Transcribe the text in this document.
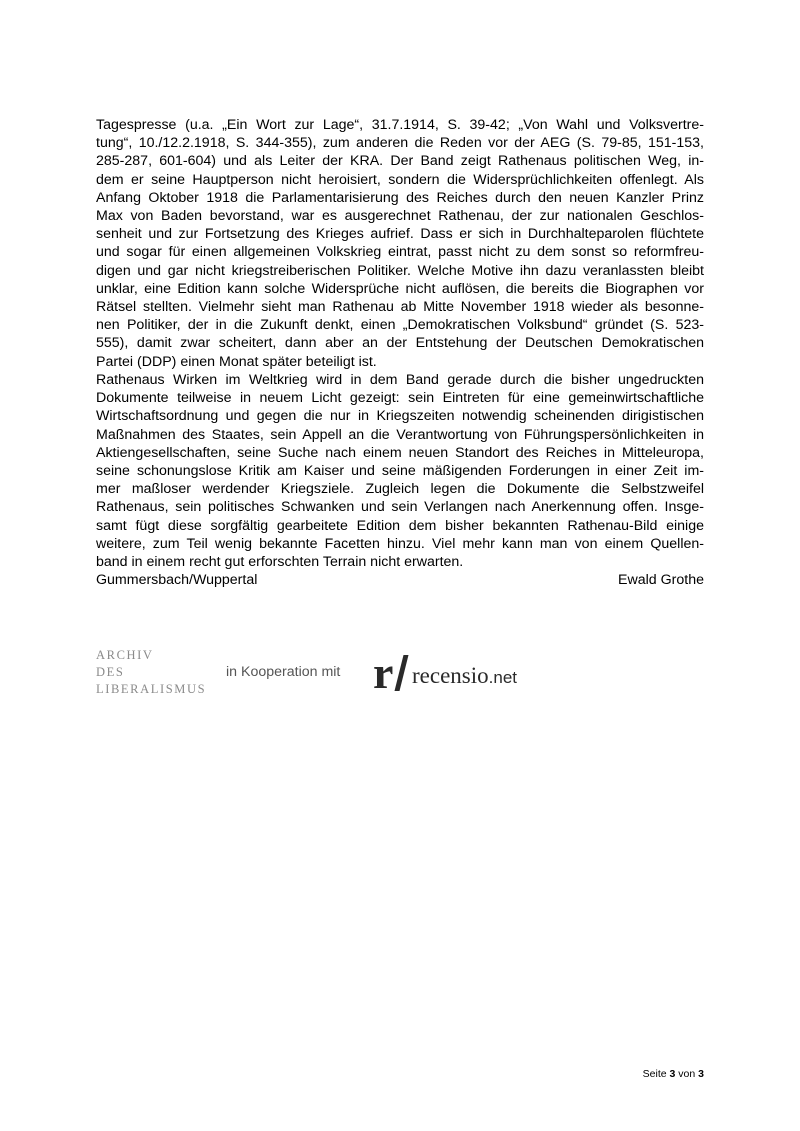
Tagespresse (u.a. „Ein Wort zur Lage“, 31.7.1914, S. 39-42; „Von Wahl und Volksvertre-
tung“, 10./12.2.1918, S. 344-355), zum anderen die Reden vor der AEG (S. 79-85, 151-153,
285-287, 601-604) und als Leiter der KRA. Der Band zeigt Rathenaus politischen Weg, in-
dem er seine Hauptperson nicht heroisiert, sondern die Widersprüchlichkeiten offenlegt. Als
Anfang Oktober 1918 die Parlamentarisierung des Reiches durch den neuen Kanzler Prinz
Max von Baden bevorstand, war es ausgerechnet Rathenau, der zur nationalen Geschlos-
senheit und zur Fortsetzung des Krieges aufrief. Dass er sich in Durchhalteparolen flüchtete
und sogar für einen allgemeinen Volkskrieg eintrat, passt nicht zu dem sonst so reformfreu-
digen und gar nicht kriegstreiberischen Politiker. Welche Motive ihn dazu veranlassten bleibt
unklar, eine Edition kann solche Widersprüche nicht auflösen, die bereits die Biographen vor
Rätsel stellten. Vielmehr sieht man Rathenau ab Mitte November 1918 wieder als besonne-
nen Politiker, der in die Zukunft denkt, einen „Demokratischen Volksbund“ gründet (S. 523-
555), damit zwar scheitert, dann aber an der Entstehung der Deutschen Demokratischen
Partei (DDP) einen Monat später beteiligt ist.
Rathenaus Wirken im Weltkrieg wird in dem Band gerade durch die bisher ungedruckten
Dokumente teilweise in neuem Licht gezeigt: sein Eintreten für eine gemeinwirtschaftliche
Wirtschaftsordnung und gegen die nur in Kriegszeiten notwendig scheinenden dirigistischen
Maßnahmen des Staates, sein Appell an die Verantwortung von Führungspersönlichkeiten in
Aktiengesellschaften, seine Suche nach einem neuen Standort des Reiches in Mitteleuropa,
seine schonungslose Kritik am Kaiser und seine mäßigenden Forderungen in einer Zeit im-
mer maßloser werdender Kriegsziele. Zugleich legen die Dokumente die Selbstzweifel
Rathenaus, sein politisches Schwanken und sein Verlangen nach Anerkennung offen. Insge-
samt fügt diese sorgfältig gearbeitete Edition dem bisher bekannten Rathenau-Bild einige
weitere, zum Teil wenig bekannte Facetten hinzu. Viel mehr kann man von einem Quellen-
band in einem recht gut erforschten Terrain nicht erwarten.
Gummersbach/Wuppertal	Ewald Grothe
ARCHIV
DES
LIBERALISMUS
in Kooperation mit r recensio.net
Seite 3 von 3
